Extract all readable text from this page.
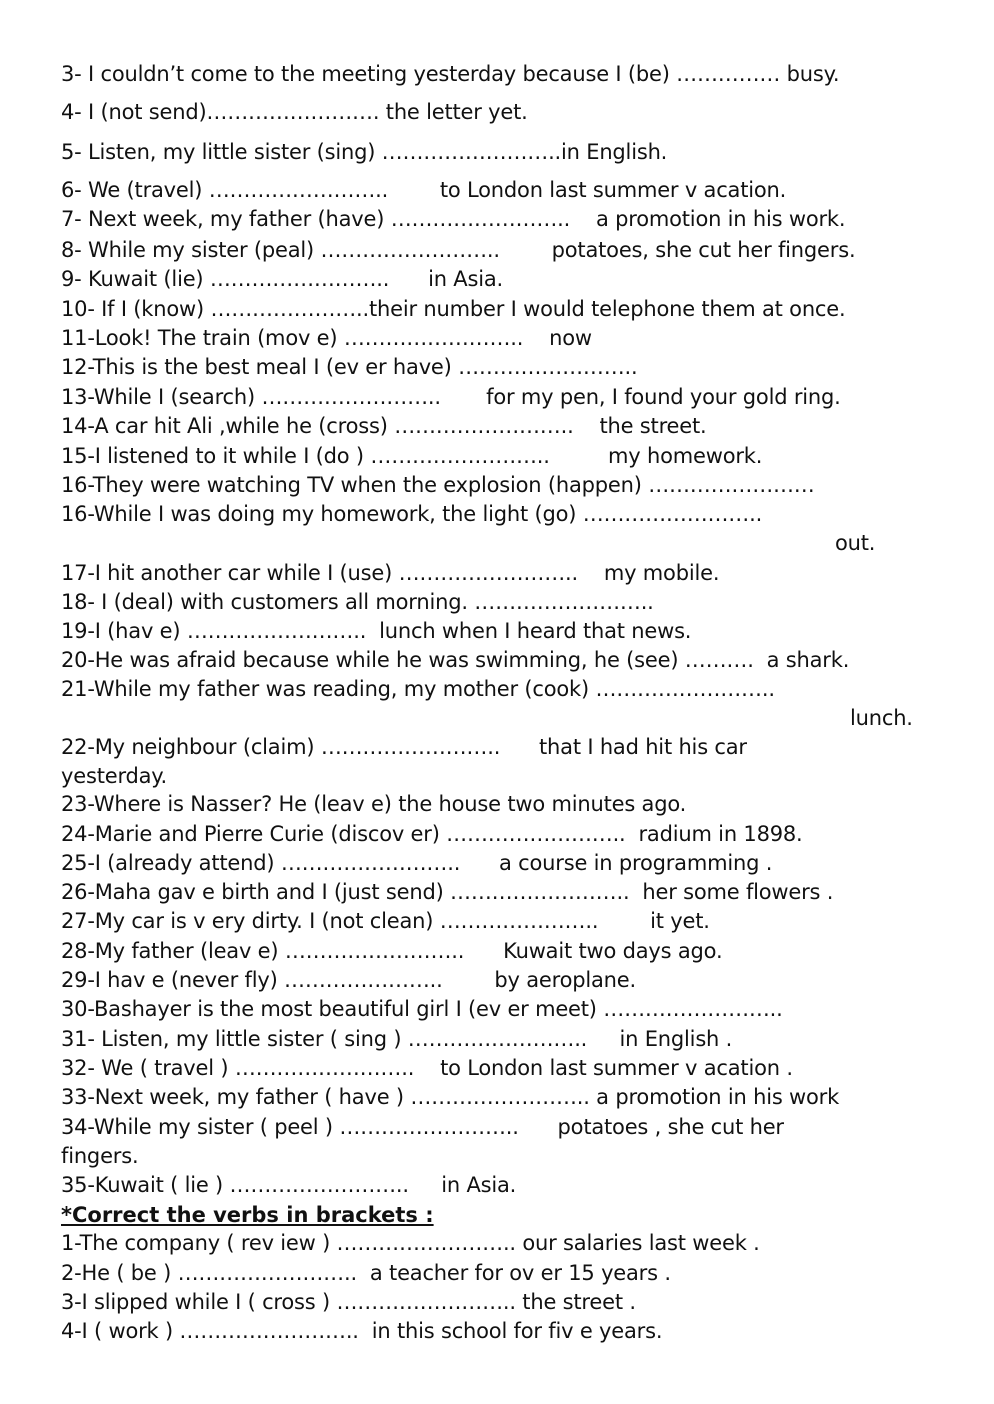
3- I couldn’t come to the meeting yesterday because I (be) …………… busy.
4- I (not send)……………………. the letter yet.
5- Listen, my little sister (sing) ……………………..in English.
6- We (travel) ……………………..        to London last summer v acation.
7- Next week, my father (have) ……………………..    a promotion in his work.
8- While my sister (peal) ……………………..        potatoes, she cut her fingers.
9- Kuwait (lie) ……………………..      in Asia.
10- If I (know) …………………..their number I would telephone them at once.
11-Look! The train (mov e) ……………………..    now
12-This is the best meal I (ev er have) ……………………..
13-While I (search) ……………………..       for my pen, I found your gold ring.
14-A car hit Ali ,while he (cross) ……………………..    the street.
15-I listened to it while I (do ) ……………………..         my homework.
16-They were watching TV when the explosion (happen) ……………………
16-While I was doing my homework, the light (go) ……………………..
out.
17-I hit another car while I (use) ……………………..    my mobile.
18- I (deal) with customers all morning. ……………………..
19-I (hav e) ……………………..  lunch when I heard that news.
20-He was afraid because while he was swimming, he (see) ……….  a shark.
21-While my father was reading, my mother (cook) ……………………..
lunch.
22-My neighbour (claim) ……………………..      that I had hit his car
yesterday.
23-Where is Nasser? He (leav e) the house two minutes ago.
24-Marie and Pierre Curie (discov er) ……………………..  radium in 1898.
25-I (already attend) ……………………..      a course in programming .
26-Maha gav e birth and I (just send) ……………………..  her some flowers .
27-My car is v ery dirty. I (not clean) …………………..        it yet.
28-My father (leav e) ……………………..      Kuwait two days ago.
29-I hav e (never fly) …………………..        by aeroplane.
30-Bashayer is the most beautiful girl I (ev er meet) ……………………..
31- Listen, my little sister ( sing ) ……………………..     in English .
32- We ( travel ) ……………………..    to London last summer v acation .
33-Next week, my father ( have ) …………………….. a promotion in his work
34-While my sister ( peel ) ……………………..      potatoes , she cut her
fingers.
35-Kuwait ( lie ) ……………………..     in Asia.
*Correct the verbs in brackets :
1-The company ( rev iew ) …………………….. our salaries last week .
2-He ( be ) ……………………..  a teacher for ov er 15 years .
3-I slipped while I ( cross ) …………………….. the street .
4-I ( work ) ……………………..  in this school for fiv e years.
